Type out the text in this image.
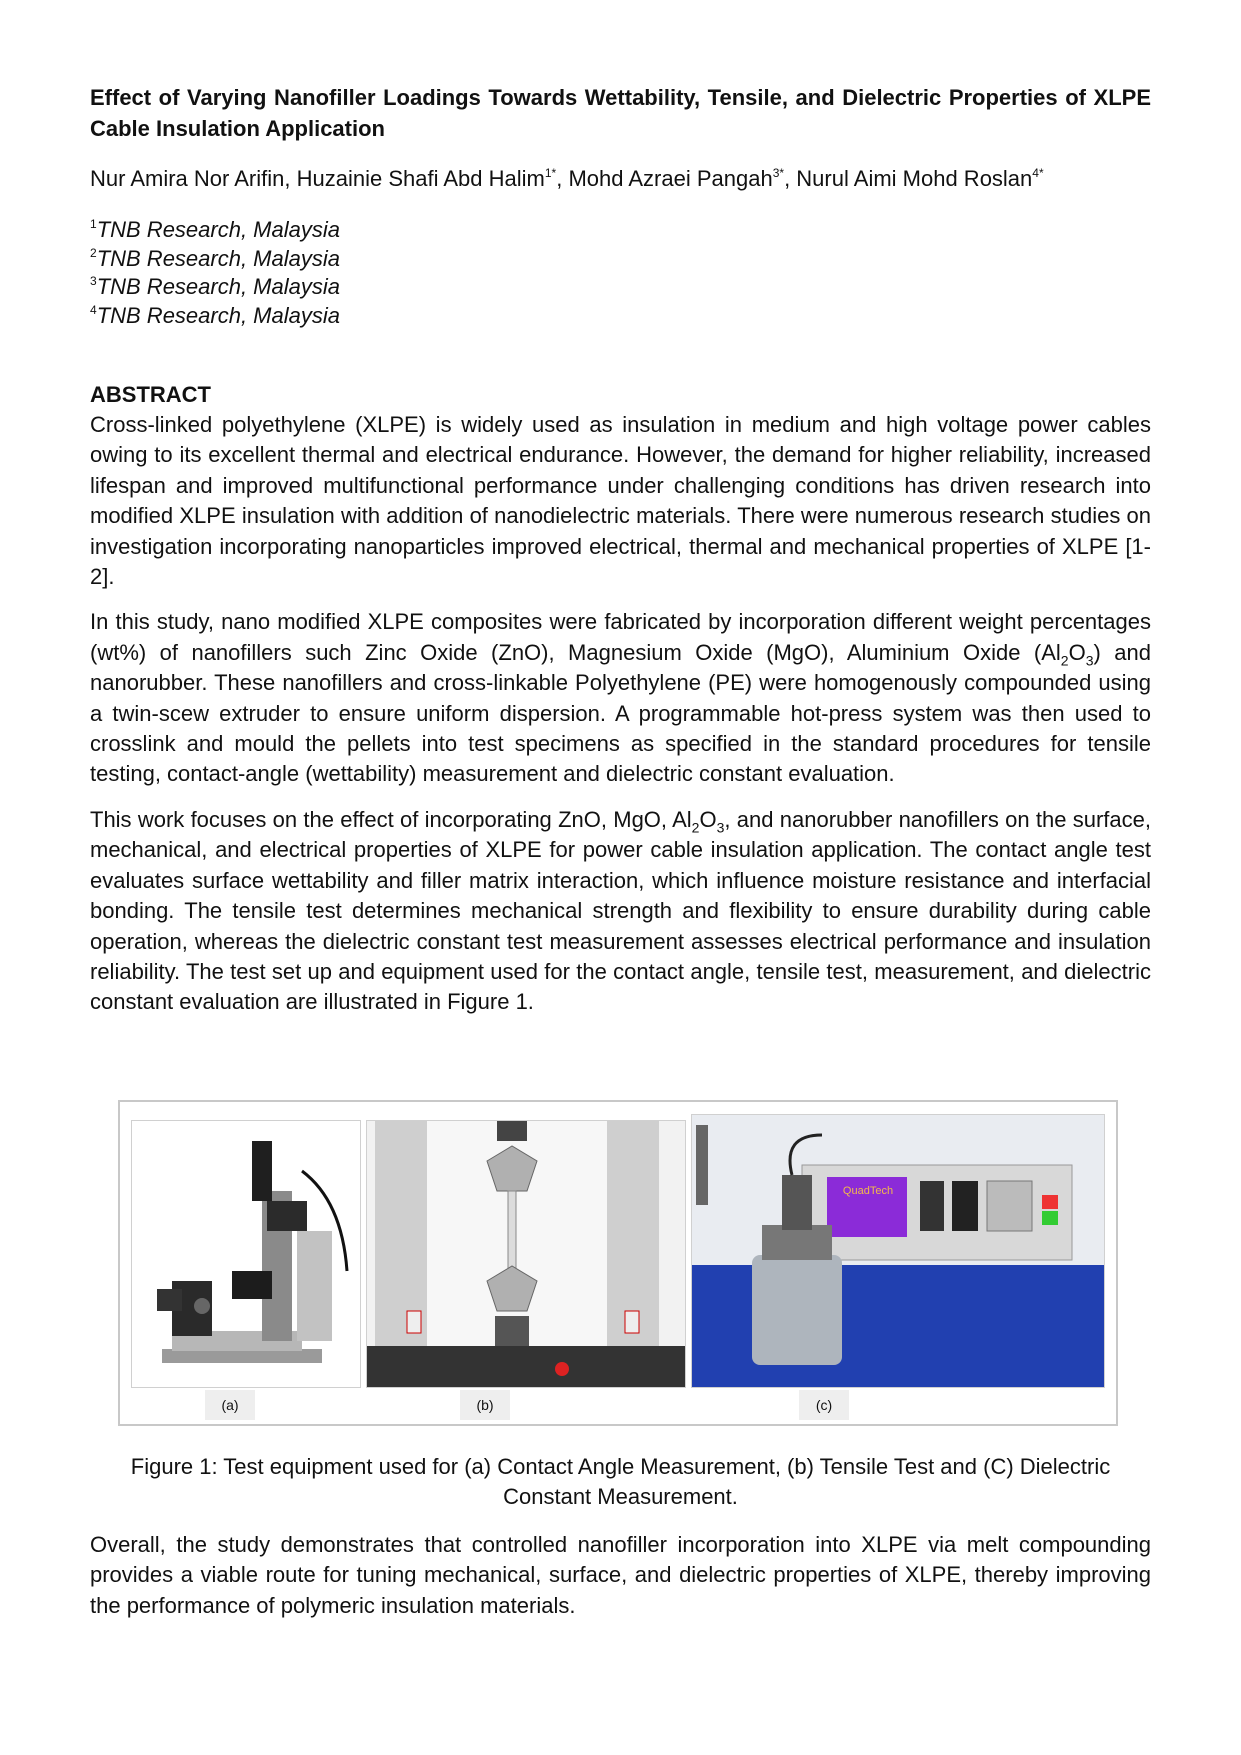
Effect of Varying Nanofiller Loadings Towards Wettability, Tensile, and Dielectric Properties of XLPE Cable Insulation Application
Nur Amira Nor Arifin, Huzainie Shafi Abd Halim$^{1*}$, Mohd Azraei Pangah$^{3*}$, Nurul Aimi Mohd Roslan$^{4*}$
$^1$TNB Research, Malaysia
$^2$TNB Research, Malaysia
$^3$TNB Research, Malaysia
$^4$TNB Research, Malaysia
ABSTRACT

Cross-linked polyethylene (XLPE) is widely used as insulation in medium and high voltage power cables owing to its excellent thermal and electrical endurance. However, the demand for higher reliability, increased lifespan and improved multifunctional performance under challenging conditions has driven research into modified XLPE insulation with addition of nanodielectric materials. There were numerous research studies on investigation incorporating nanoparticles improved electrical, thermal and mechanical properties of XLPE [1-2].

In this study, nano modified XLPE composites were fabricated by incorporation different weight percentages (wt%) of nanofillers such Zinc Oxide (ZnO), Magnesium Oxide (MgO), Aluminium Oxide $(Al_2O_3)$ and nanorubber. These nanofillers and cross-linkable Polyethylene (PE) were homogenously compounded using a twin-scew extruder to ensure uniform dispersion. A programmable hot-press system was then used to crosslink and mould the pellets into test specimens as specified in the standard procedures for tensile testing, contact-angle (wettability) measurement and dielectric constant evaluation.

This work focuses on the effect of incorporating ZnO, MgO, $Al_2O_3$, and nanorubber nanofillers on the surface, mechanical, and electrical properties of XLPE for power cable insulation application. The contact angle test evaluates surface wettability and filler matrix interaction, which influence moisture resistance and interfacial bonding. The tensile test determines mechanical strength and flexibility to ensure durability during cable operation, whereas the dielectric constant test measurement assesses electrical performance and insulation reliability. The test set up and equipment used for the contact angle, tensile test, measurement, and dielectric constant evaluation are illustrated in Figure 1.

QuadTech
(a)	(b)	(c)
Figure 1: Test equipment used for (a) Contact Angle Measurement, (b) Tensile Test and (C) Dielectric Constant Measurement.

Overall, the study demonstrates that controlled nanofiller incorporation into XLPE via melt compounding provides a viable route for tuning mechanical, surface, and dielectric properties of XLPE, thereby improving the performance of polymeric insulation materials.
